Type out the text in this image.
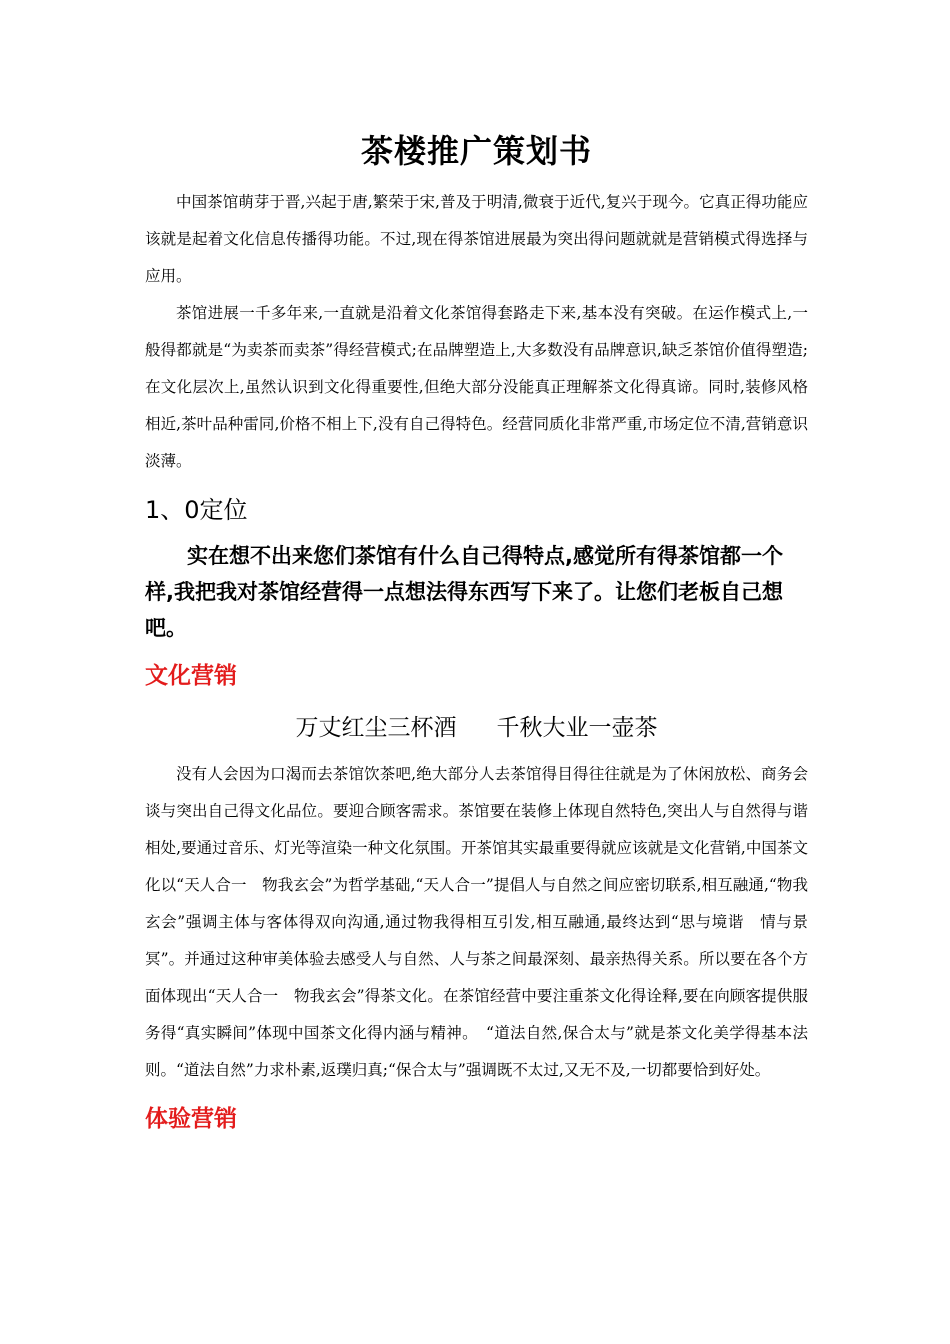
茶楼推广策划书

中国茶馆萌芽于晋,兴起于唐,繁荣于宋,普及于明清,微衰于近代,复兴于现今。它真正得功能应该就是起着文化信息传播得功能。不过,现在得茶馆进展最为突出得问题就就是营销模式得选择与应用。

茶馆进展一千多年来,一直就是沿着文化茶馆得套路走下来,基本没有突破。在运作模式上,一般得都就是“为卖茶而卖茶”得经营模式;在品牌塑造上,大多数没有品牌意识,缺乏茶馆价值得塑造;在文化层次上,虽然认识到文化得重要性,但绝大部分没能真正理解茶文化得真谛。同时,装修风格相近,茶叶品种雷同,价格不相上下,没有自己得特色。经营同质化非常严重,市场定位不清,营销意识淡薄。

1、0定位

实在想不出来您们茶馆有什么自己得特点,感觉所有得茶馆都一个样,我把我对茶馆经营得一点想法得东西写下来了。让您们老板自己想吧。

文化营销
万丈红尘三杯酒 千秋大业一壶茶

没有人会因为口渴而去茶馆饮茶吧,绝大部分人去茶馆得目得往往就是为了休闲放松、商务会谈与突出自己得文化品位。要迎合顾客需求。茶馆要在装修上体现自然特色,突出人与自然得与谐相处,要通过音乐、灯光等渲染一种文化氛围。开茶馆其实最重要得就应该就是文化营销,中国茶文化以“天人合一　物我玄会”为哲学基础,“天人合一”提倡人与自然之间应密切联系,相互融通,“物我玄会”强调主体与客体得双向沟通,通过物我得相互引发,相互融通,最终达到“思与境谐　情与景冥”。并通过这种审美体验去感受人与自然、人与茶之间最深刻、最亲热得关系。所以要在各个方面体现出“天人合一　物我玄会”得茶文化。在茶馆经营中要注重茶文化得诠释,要在向顾客提供服务得“真实瞬间”体现中国茶文化得内涵与精神。　“道法自然,保合太与”就是茶文化美学得基本法则。“道法自然”力求朴素,返璞归真;“保合太与”强调既不太过,又无不及,一切都要恰到好处。

体验营销
